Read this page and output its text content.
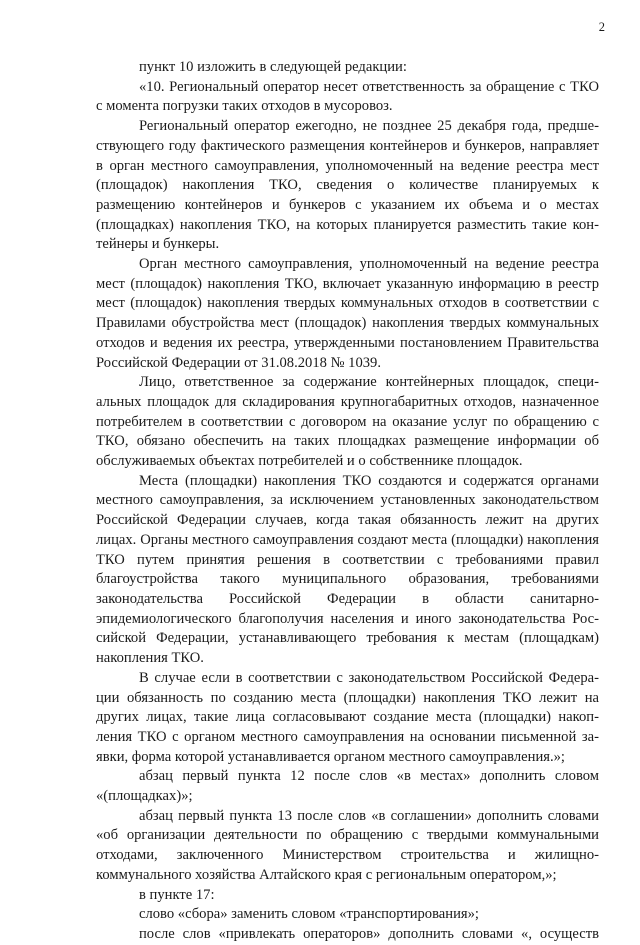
2

пункт 10 изложить в следующей редакции:

«10. Региональный оператор несет ответственность за обращение с ТКО с момента погрузки таких отходов в мусоровоз.

Региональный оператор ежегодно, не позднее 25 декабря года, предшествующего году фактического размещения контейнеров и бункеров, направляет в орган местного самоуправления, уполномоченный на ведение реестра мест (площадок) накопления ТКО, сведения о количестве планируемых к размещению контейнеров и бункеров с указанием их объема и о местах (площадках) накопления ТКО, на которых планируется разместить такие контейнеры и бункеры.

Орган местного самоуправления, уполномоченный на ведение реестра мест (площадок) накопления ТКО, включает указанную информацию в реестр мест (площадок) накопления твердых коммунальных отходов в соответствии с Правилами обустройства мест (площадок) накопления твердых коммунальных отходов и ведения их реестра, утвержденными постановлением Правительства Российской Федерации от 31.08.2018 № 1039.

Лицо, ответственное за содержание контейнерных площадок, специальных площадок для складирования крупногабаритных отходов, назначенное потребителем в соответствии с договором на оказание услуг по обращению с ТКО, обязано обеспечить на таких площадках размещение информации об обслуживаемых объектах потребителей и о собственнике площадок.

Места (площадки) накопления ТКО создаются и содержатся органами местного самоуправления, за исключением установленных законодательством Российской Федерации случаев, когда такая обязанность лежит на других лицах. Органы местного самоуправления создают места (площадки) накопления ТКО путем принятия решения в соответствии с требованиями правил благоустройства такого муниципального образования, требованиями законодательства Российской Федерации в области санитарно-эпидемиологического благополучия населения и иного законодательства Российской Федерации, устанавливающего требования к местам (площадкам) накопления ТКО.

В случае если в соответствии с законодательством Российской Федерации обязанность по созданию места (площадки) накопления ТКО лежит на других лицах, такие лица согласовывают создание места (площадки) накопления ТКО с органом местного самоуправления на основании письменной заявки, форма которой устанавливается органом местного самоуправления.»;

абзац первый пункта 12 после слов «в местах» дополнить словом «(площадках)»;

абзац первый пункта 13 после слов «в соглашении» дополнить словами «об организации деятельности по обращению с твердыми коммунальными отходами, заключенного Министерством строительства и жилищно-коммунального хозяйства Алтайского края с региональным оператором,»;

в пункте 17:

слово «сбора» заменить словом «транспортирования»;

после слов «привлекать операторов» дополнить словами «, осуществ
